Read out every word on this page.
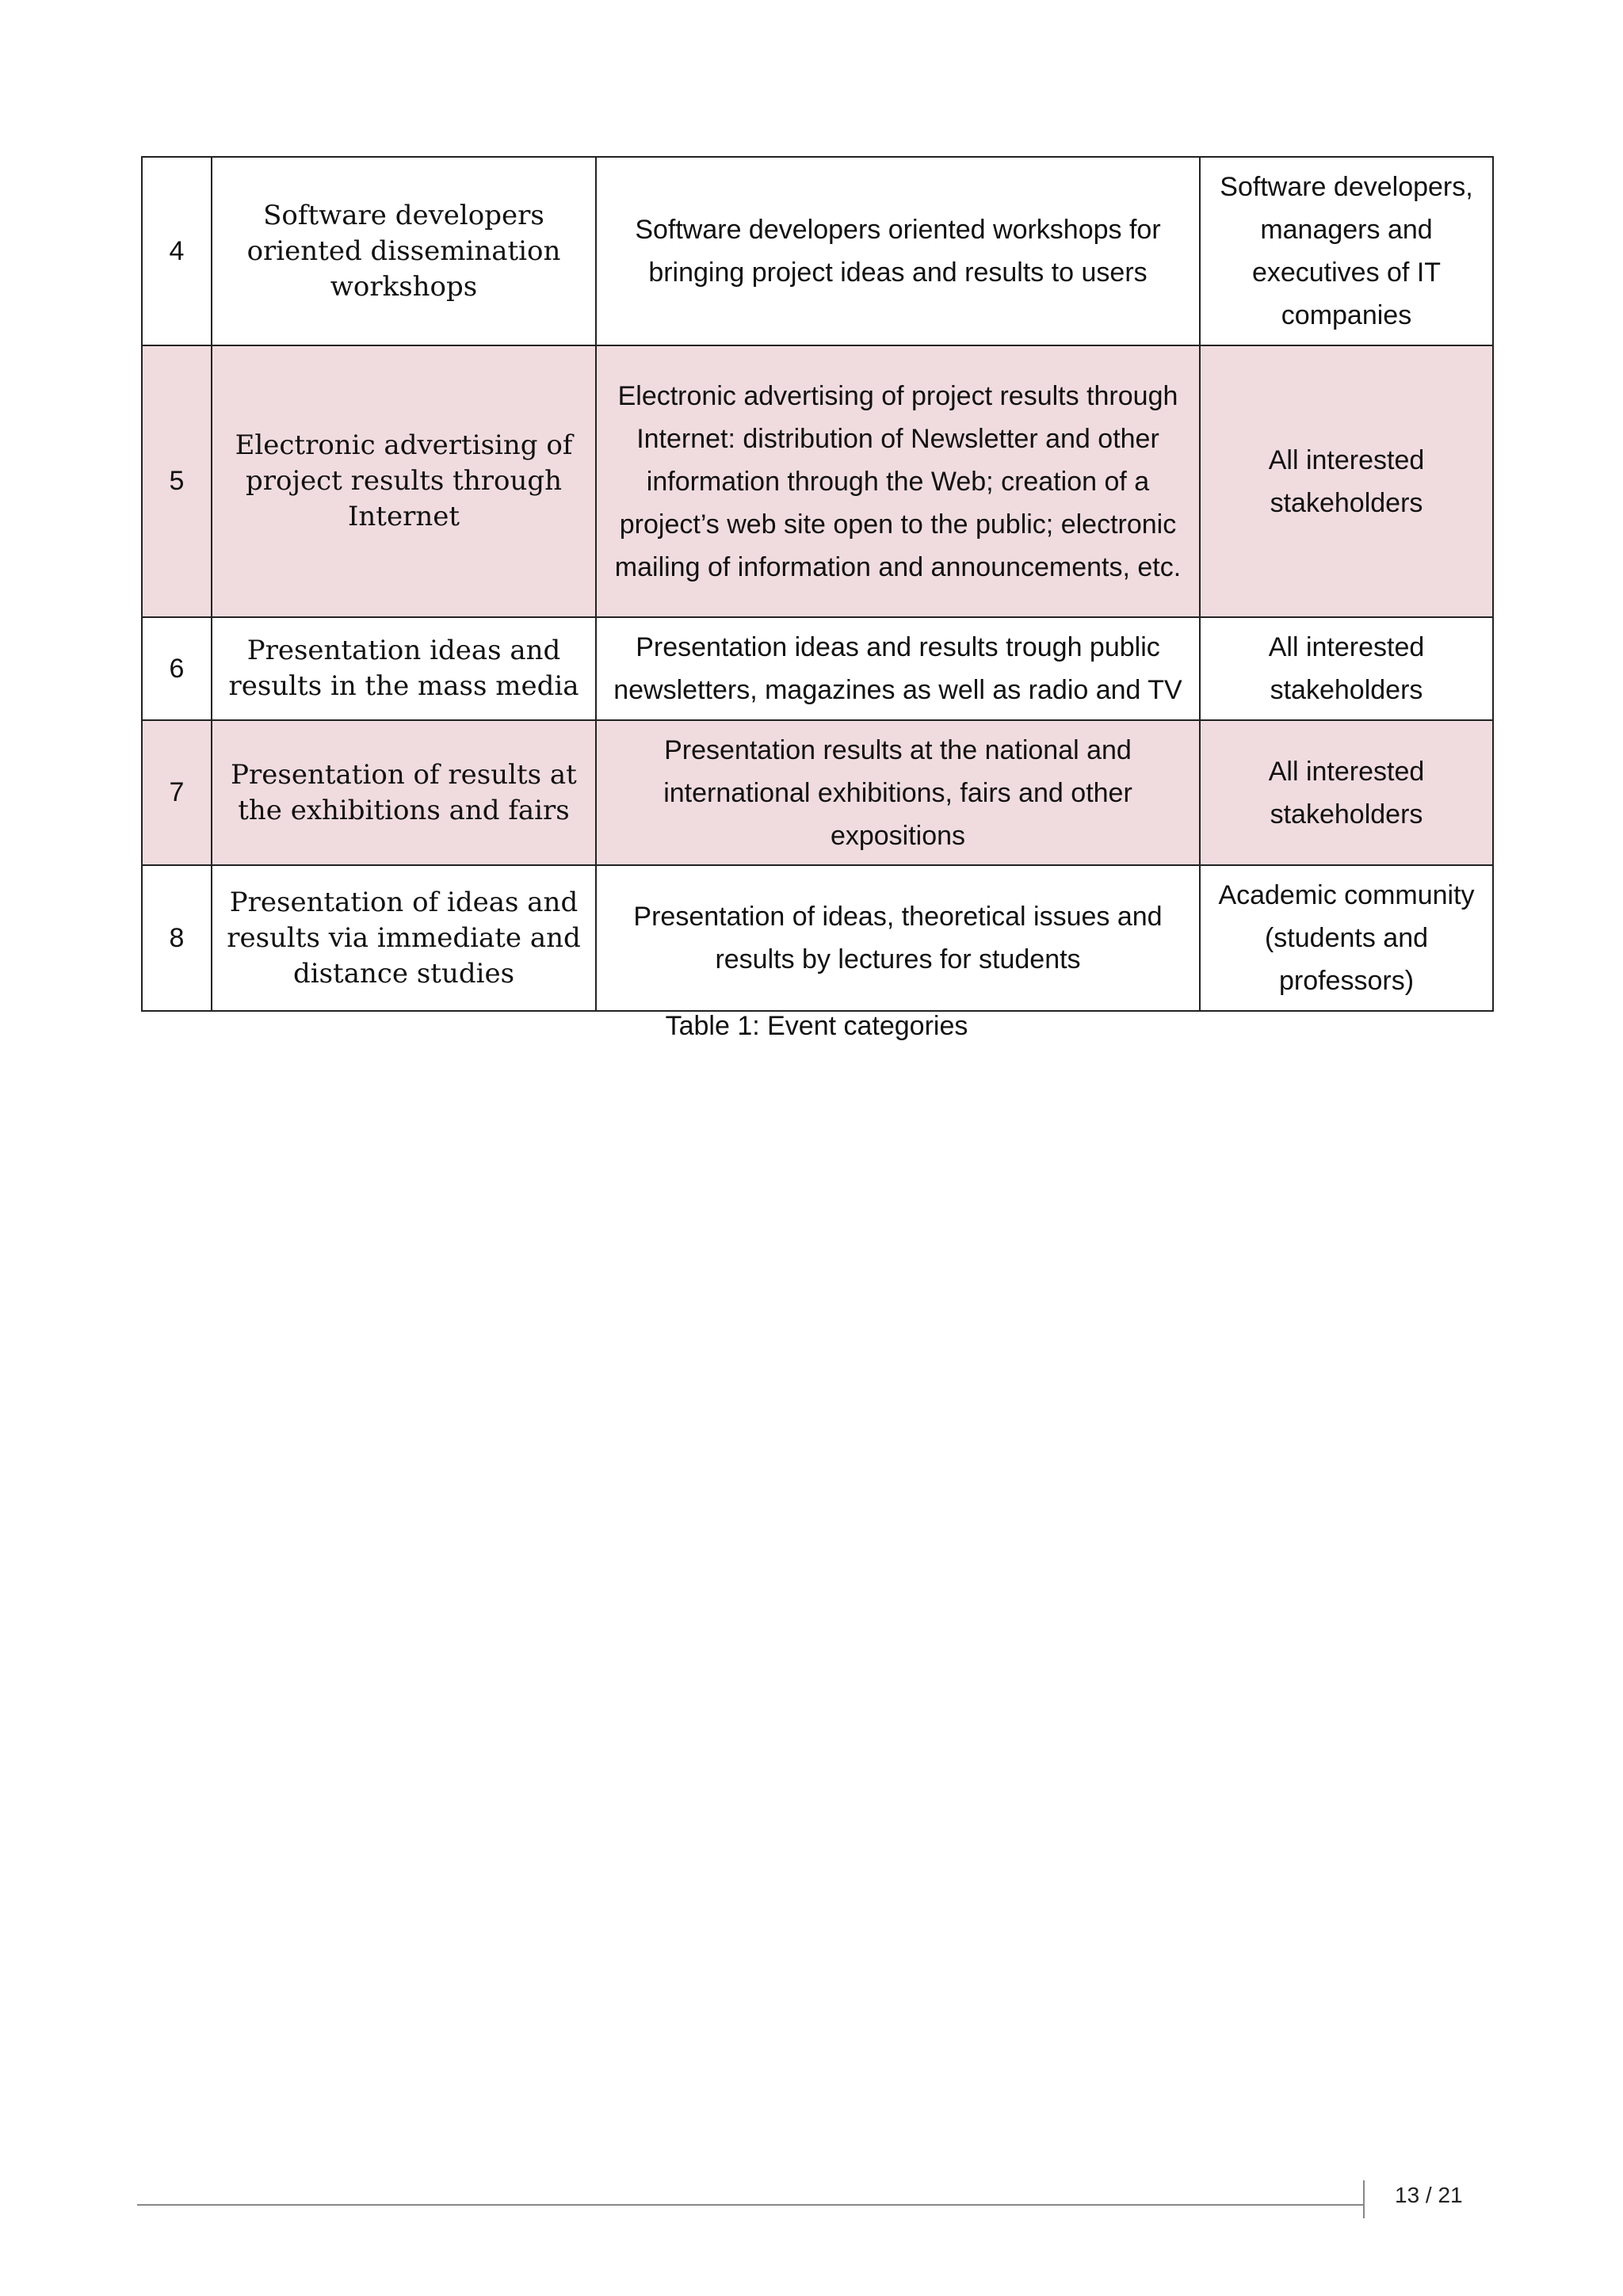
4	Software developers oriented dissemination workshops	Software developers oriented workshops for bringing project ideas and results to users	Software developers, managers and executives of IT companies
5	Electronic advertising of project results through Internet	Electronic advertising of project results through Internet: distribution of Newsletter and other information through the Web; creation of a project’s web site open to the public; electronic mailing of information and announcements, etc.	All interested stakeholders
6	Presentation ideas and results in the mass media	Presentation ideas and results trough public newsletters, magazines as well as radio and TV	All interested stakeholders
7	Presentation of results at the exhibitions and fairs	Presentation results at the national and international exhibitions, fairs and other expositions	All interested stakeholders
8	Presentation of ideas and results via immediate and distance studies	Presentation of ideas, theoretical issues and results by lectures for students	Academic community (students and professors)
Table 1: Event categories
13 / 21
